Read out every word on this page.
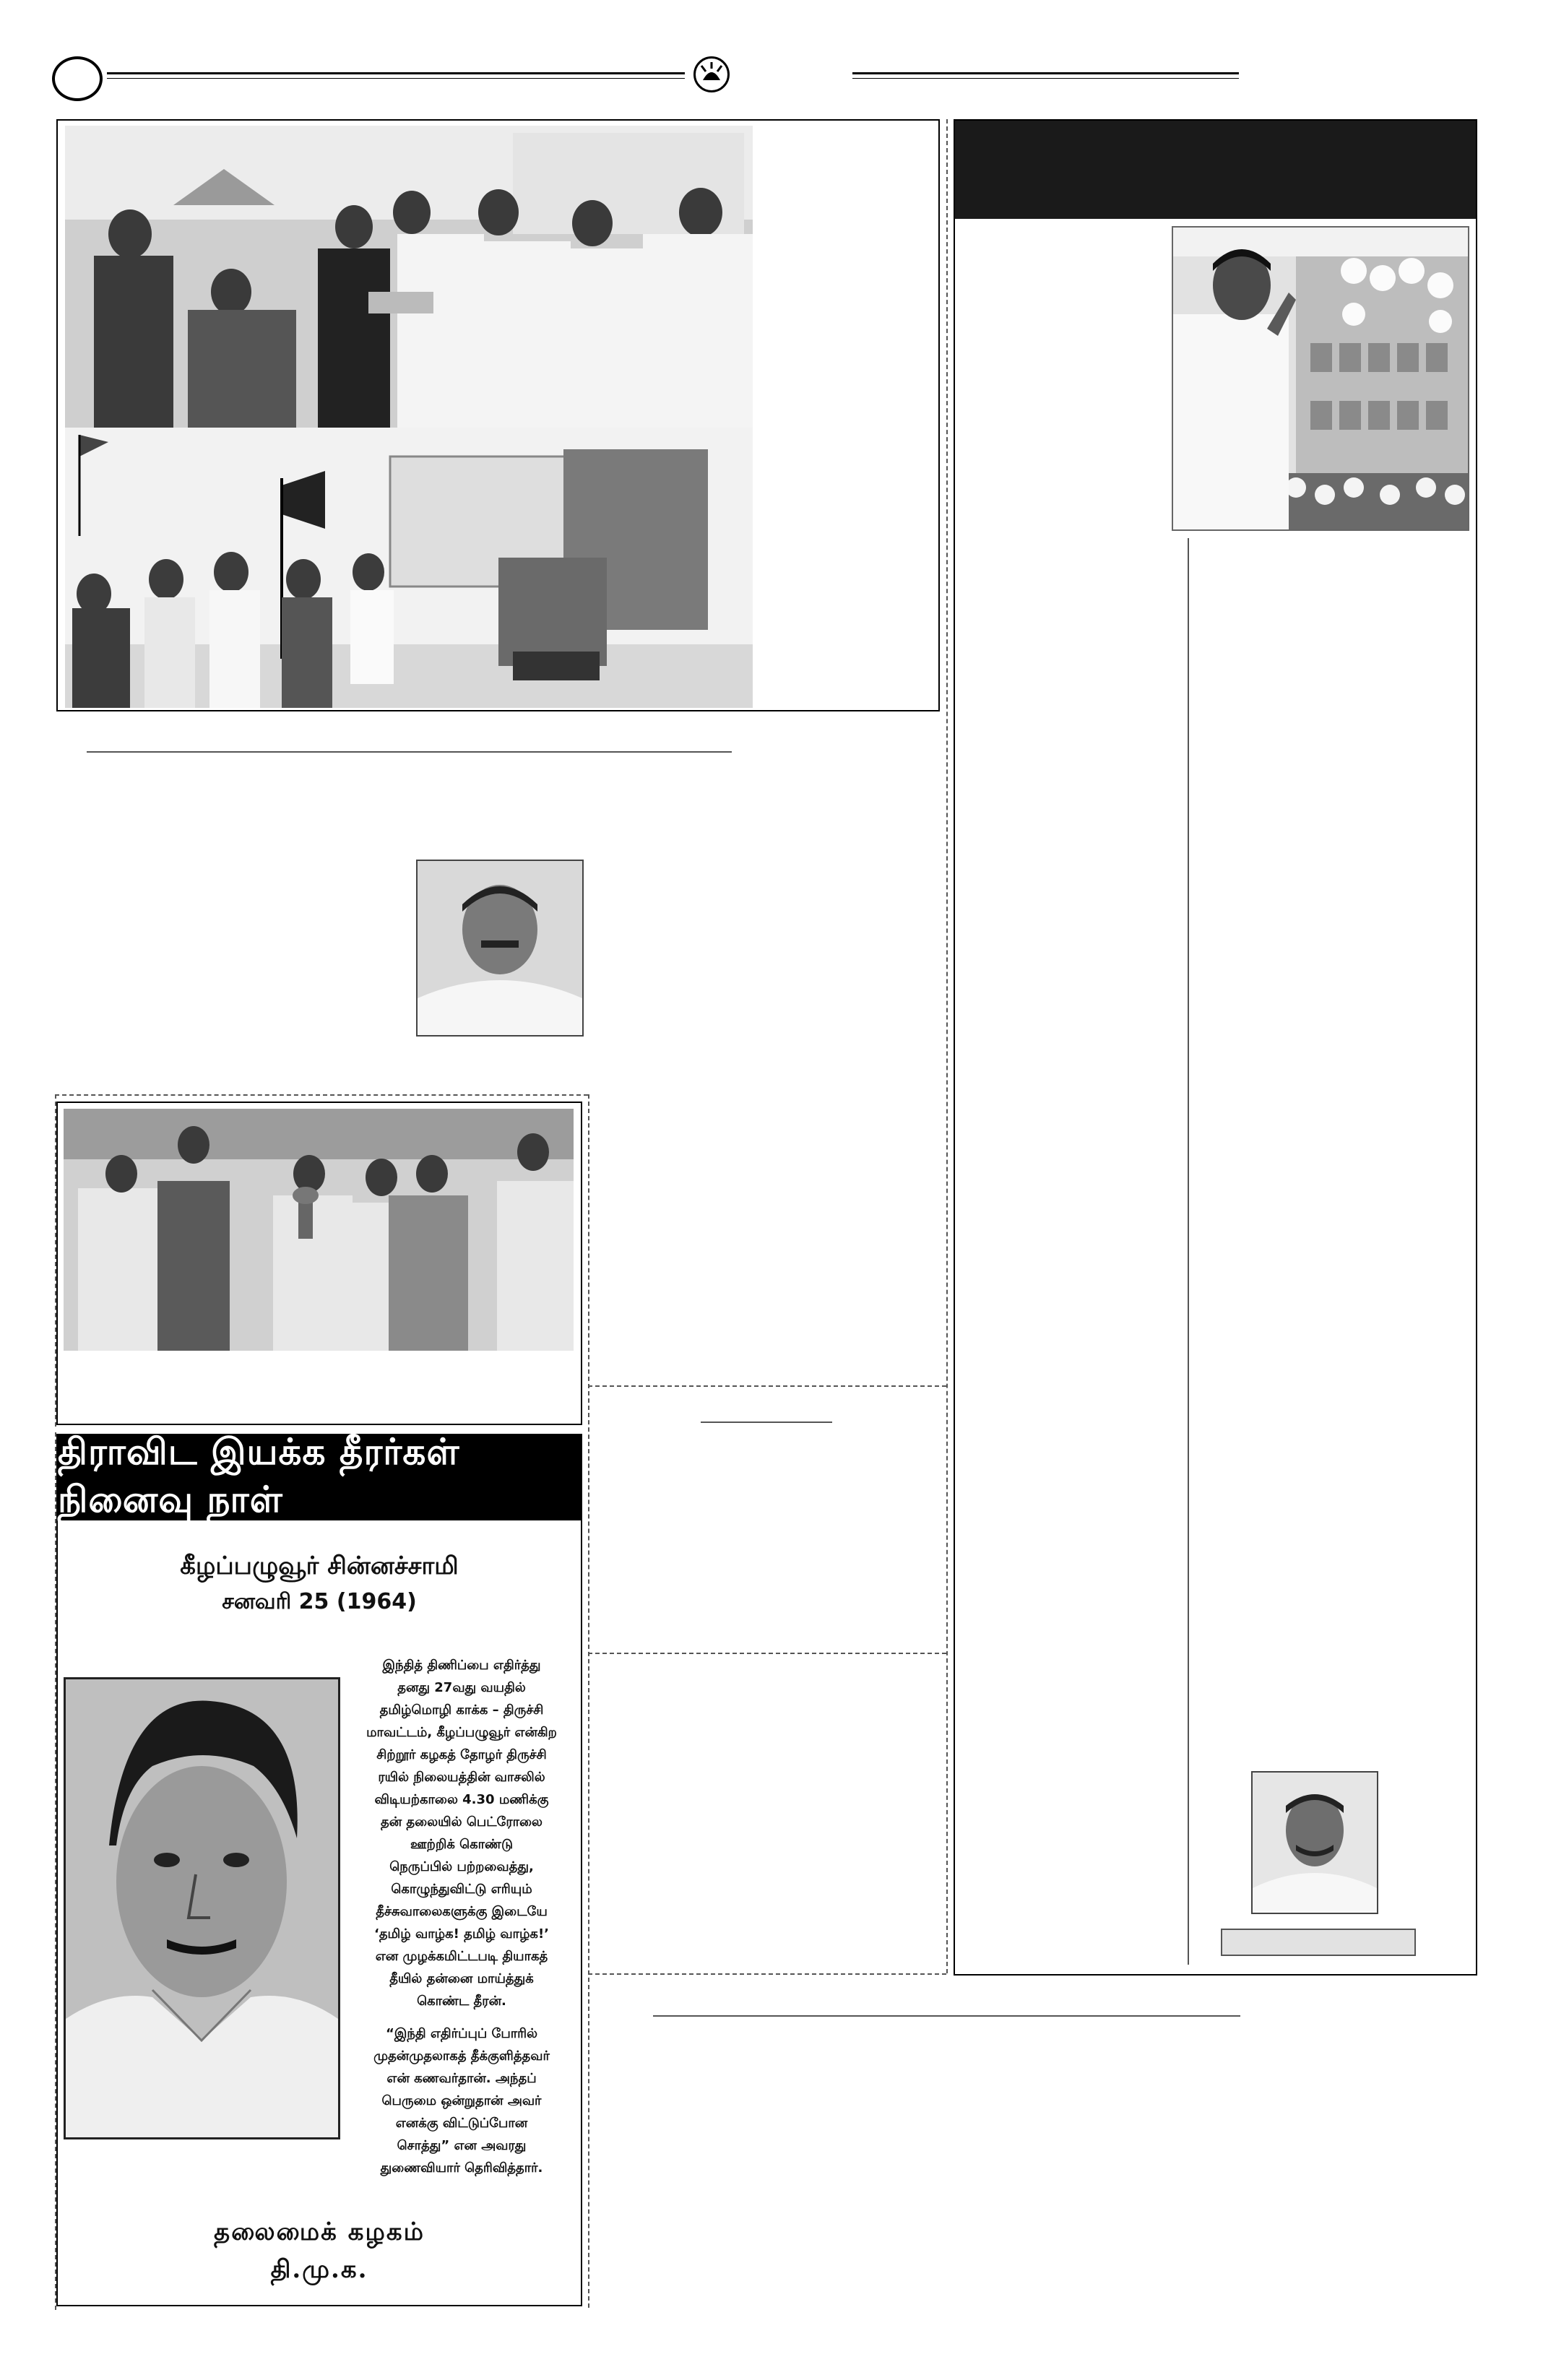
திராவிட இயக்க தீரர்கள் நினைவு நாள்
கீழப்பழுவூர் சின்னச்சாமி
சனவரி 25 (1964)
இந்தித் திணிப்பை எதிர்த்து
தனது 27வது வயதில்
தமிழ்மொழி காக்க – திருச்சி
மாவட்டம், கீழப்பழுவூர் என்கிற
சிற்றூர் கழகத் தோழர் திருச்சி
ரயில் நிலையத்தின் வாசலில்
விடியற்காலை 4.30 மணிக்கு
தன் தலையில் பெட்ரோலை
ஊற்றிக் கொண்டு
நெருப்பில் பற்றவைத்து,
கொழுந்துவிட்டு எரியும்
தீச்சுவாலைகளுக்கு இடையே
‘தமிழ் வாழ்க! தமிழ் வாழ்க!’
என முழக்கமிட்டபடி தியாகத்
தீயில் தன்னை மாய்த்துக்
கொண்ட தீரன்.
“இந்தி எதிர்ப்புப் போரில்
முதன்முதலாகத் தீக்குளித்தவர்
என் கணவர்தான். அந்தப்
பெருமை ஒன்றுதான் அவர்
எனக்கு விட்டுப்போன
சொத்து” என அவரது
துணைவியார் தெரிவித்தார்.
தலைமைக் கழகம்
தி.மு.க.
